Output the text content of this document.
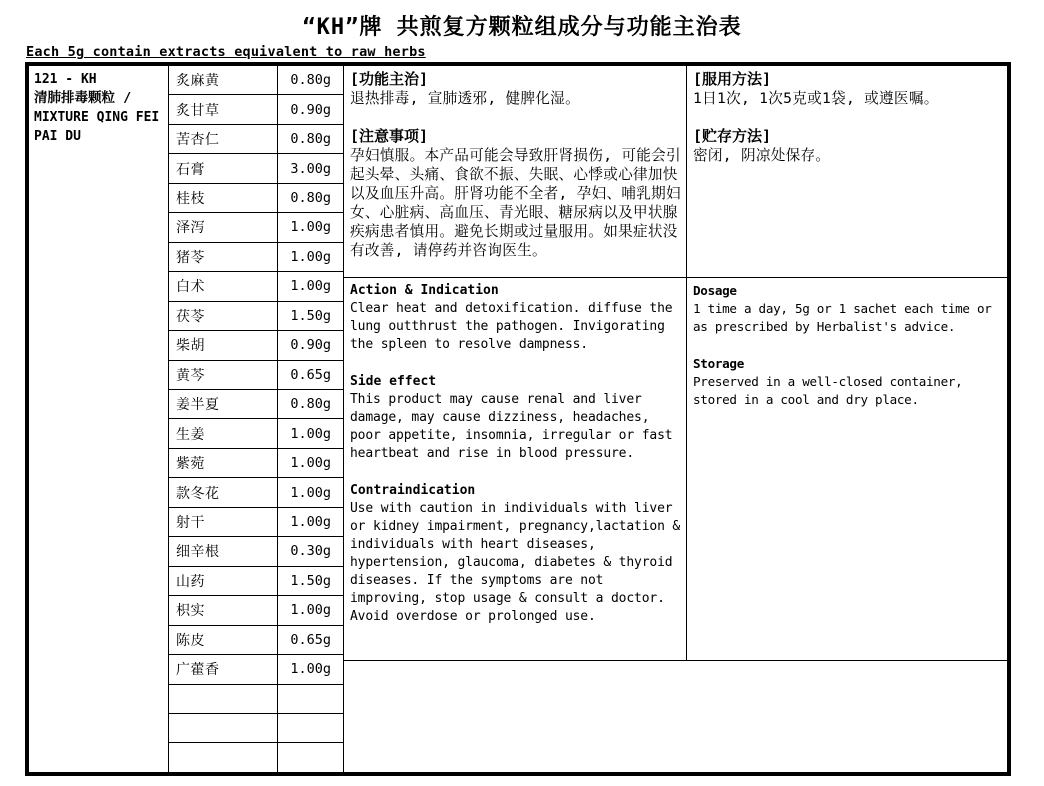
“KH”牌 共煎复方颗粒组成分与功能主治表
Each 5g contain extracts equivalent to raw herbs
121 - KH
清肺排毒颗粒 /
MIXTURE QING FEI
PAI DU
炙麻黄	0.80g
炙甘草	0.90g
苦杏仁	0.80g
石膏	3.00g
桂枝	0.80g
泽泻	1.00g
猪苓	1.00g
白术	1.00g
茯苓	1.50g
柴胡	0.90g
黄芩	0.65g
姜半夏	0.80g
生姜	1.00g
紫菀	1.00g
款冬花	1.00g
射干	1.00g
细辛根	0.30g
山药	1.50g
枳实	1.00g
陈皮	0.65g
广藿香	1.00g
[功能主治]
退热排毒, 宣肺透邪, 健脾化湿。
[注意事项]
孕妇慎服。本产品可能会导致肝肾损伤, 可能会引起头晕、头痛、食欲不振、失眠、心悸或心律加快以及血压升高。肝肾功能不全者, 孕妇、哺乳期妇女、心脏病、高血压、青光眼、糖尿病以及甲状腺疾病患者慎用。避免长期或过量服用。如果症状没有改善, 请停药并咨询医生。
[服用方法]
1日1次, 1次5克或1袋, 或遵医嘱。
[贮存方法]
密闭, 阴凉处保存。
Action & Indication
Clear heat and detoxification. diffuse the lung outthrust the pathogen. Invigorating the spleen to resolve dampness.
Side effect
This product may cause renal and liver damage, may cause dizziness, headaches, poor appetite, insomnia, irregular or fast heartbeat and rise in blood pressure.
Contraindication
Use with caution in individuals with liver or kidney impairment, pregnancy,lactation & individuals with heart diseases, hypertension, glaucoma, diabetes & thyroid diseases. If the symptoms are not improving, stop usage & consult a doctor. Avoid overdose or prolonged use.
Dosage
1 time a day, 5g or 1 sachet each time or as prescribed by Herbalist's advice.
Storage
Preserved in a well-closed container, stored in a cool and dry place.
